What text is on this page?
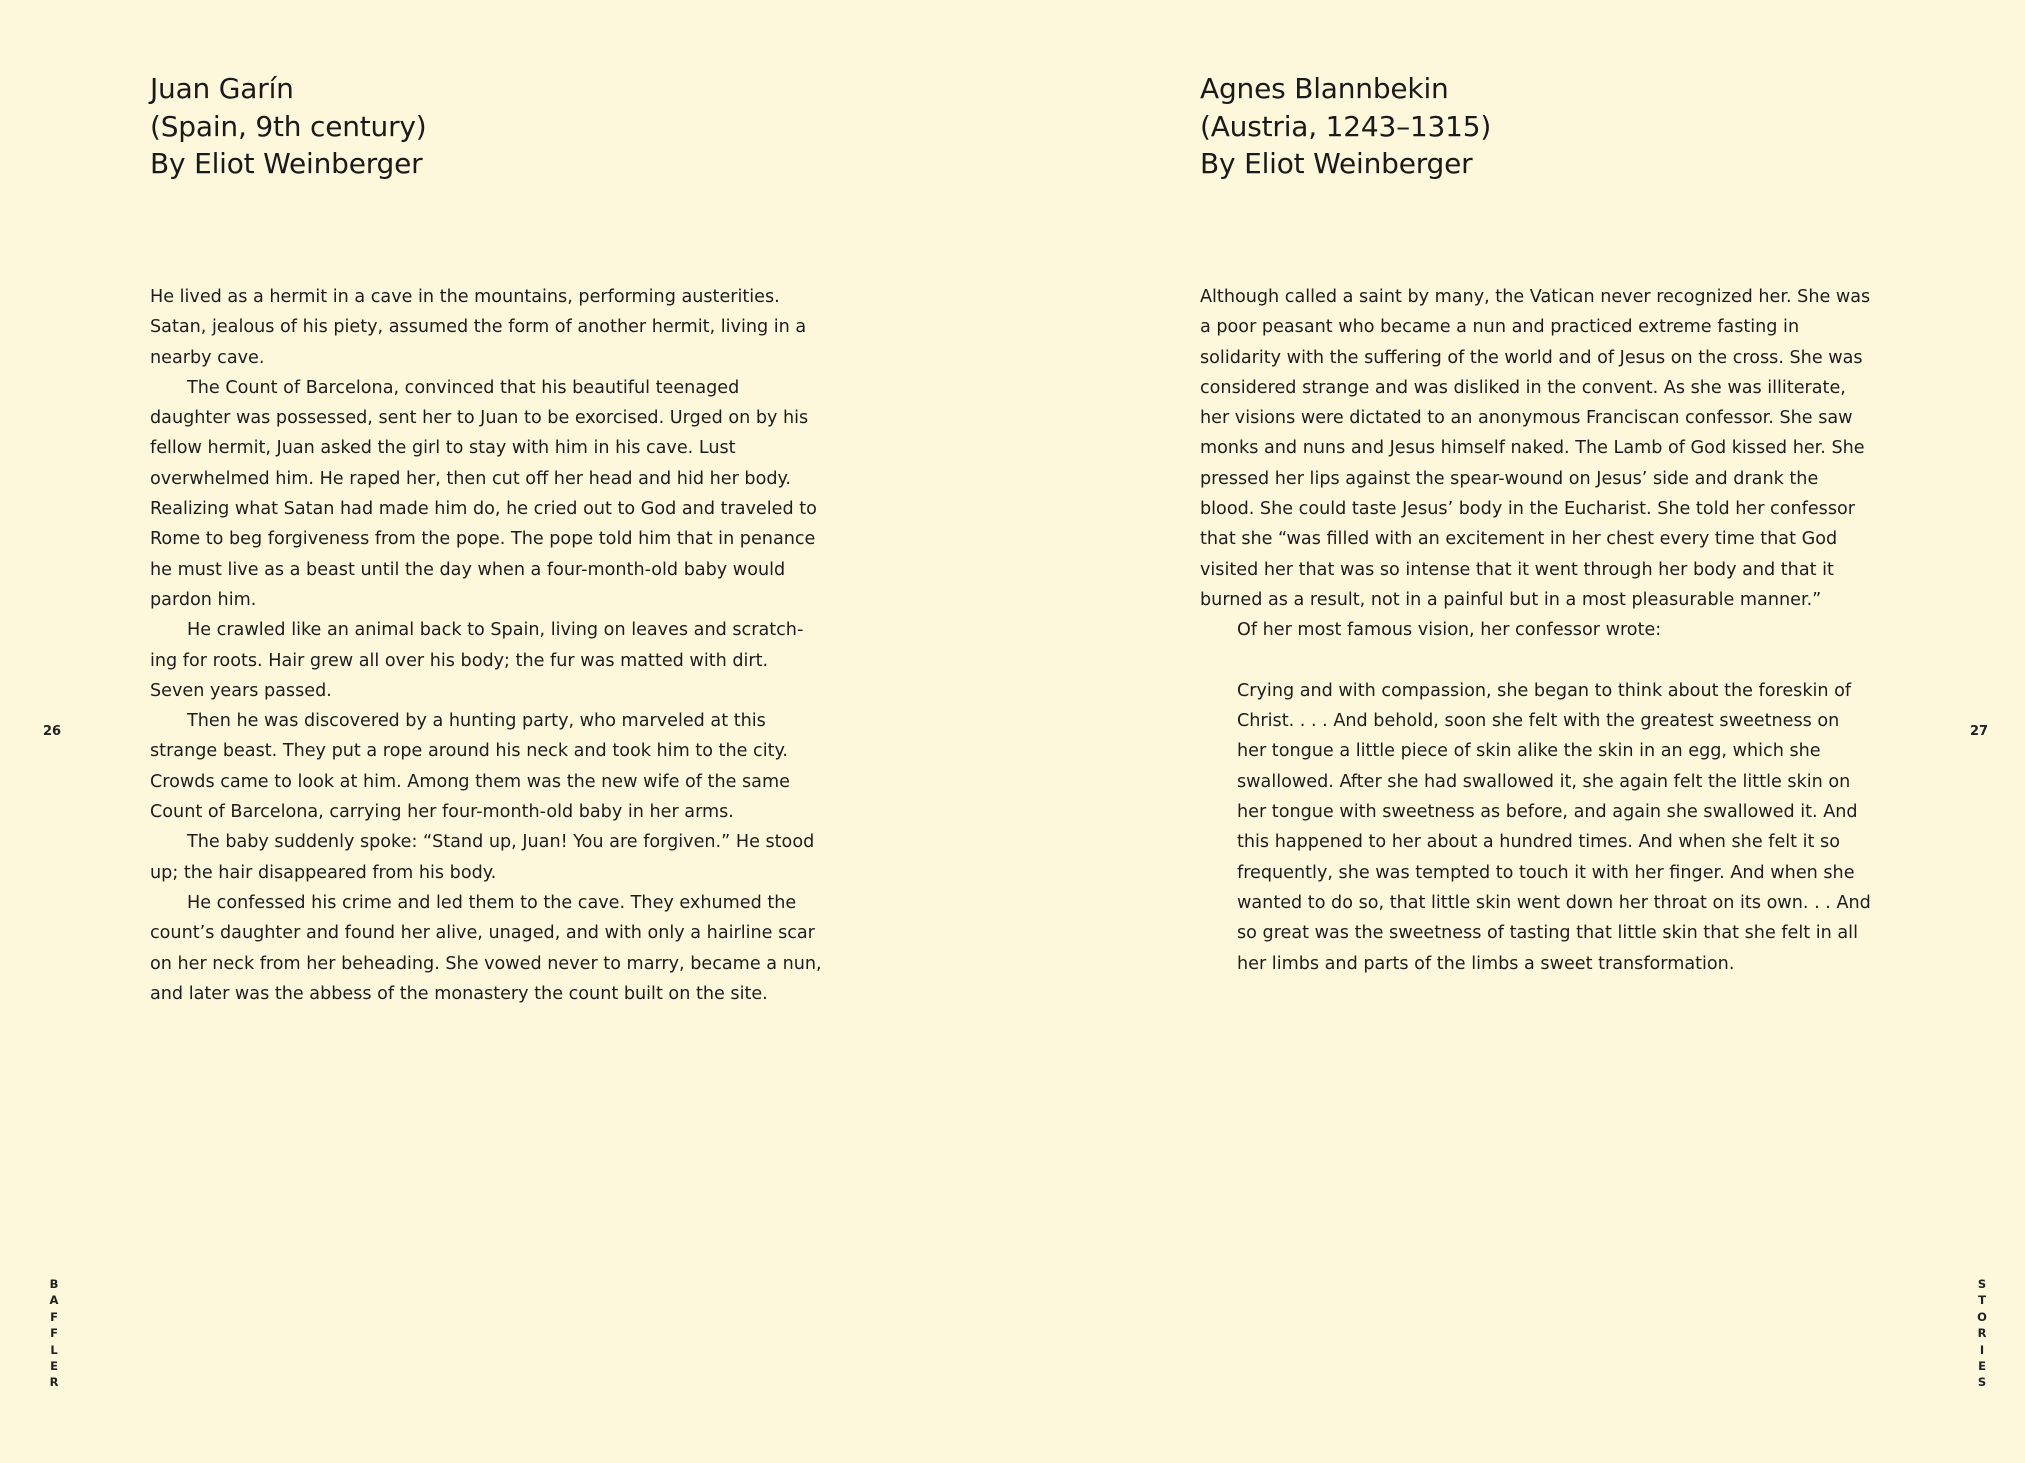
Juan Garín
(Spain, 9th century)
By Eliot Weinberger

He lived as a hermit in a cave in the mountains, performing austerities. Satan, jealous of his piety, assumed the form of another hermit, living in a nearby cave.

The Count of Barcelona, convinced that his beautiful teenaged daughter was possessed, sent her to Juan to be exorcised. Urged on by his fellow hermit, Juan asked the girl to stay with him in his cave. Lust overwhelmed him. He raped her, then cut off her head and hid her body. Realizing what Satan had made him do, he cried out to God and traveled to Rome to beg forgiveness from the pope. The pope told him that in penance he must live as a beast until the day when a four-month-old baby would pardon him.

He crawled like an animal back to Spain, living on leaves and scratch-ing for roots. Hair grew all over his body; the fur was matted with dirt. Seven years passed.

Then he was discovered by a hunting party, who marveled at this strange beast. They put a rope around his neck and took him to the city. Crowds came to look at him. Among them was the new wife of the same Count of Barcelona, carrying her four-month-old baby in her arms.

The baby suddenly spoke: “Stand up, Juan! You are forgiven.” He stood up; the hair disappeared from his body.

He confessed his crime and led them to the cave. They exhumed the count’s daughter and found her alive, unaged, and with only a hairline scar on her neck from her beheading. She vowed never to marry, became a nun, and later was the abbess of the monastery the count built on the site.

26
B
A
F
F
L
E
R
Agnes Blannbekin
(Austria, 1243–1315)
By Eliot Weinberger

Although called a saint by many, the Vatican never recognized her. She was a poor peasant who became a nun and practiced extreme fasting in solidarity with the suffering of the world and of Jesus on the cross. She was considered strange and was disliked in the convent. As she was illiterate, her visions were dictated to an anonymous Franciscan confessor. She saw monks and nuns and Jesus himself naked. The Lamb of God kissed her. She pressed her lips against the spear-wound on Jesus’ side and drank the blood. She could taste Jesus’ body in the Eucharist. She told her confessor that she “was filled with an excitement in her chest every time that God visited her that was so intense that it went through her body and that it burned as a result, not in a painful but in a most pleasurable manner.”

Of her most famous vision, her confessor wrote:

Crying and with compassion, she began to think about the foreskin of Christ. . . . And behold, soon she felt with the greatest sweetness on her tongue a little piece of skin alike the skin in an egg, which she swallowed. After she had swallowed it, she again felt the little skin on her tongue with sweetness as before, and again she swallowed it. And this happened to her about a hundred times. And when she felt it so frequently, she was tempted to touch it with her finger. And when she wanted to do so, that little skin went down her throat on its own. . . And so great was the sweetness of tasting that little skin that she felt in all her limbs and parts of the limbs a sweet transformation.
27
S
T
O
R
I
E
S
